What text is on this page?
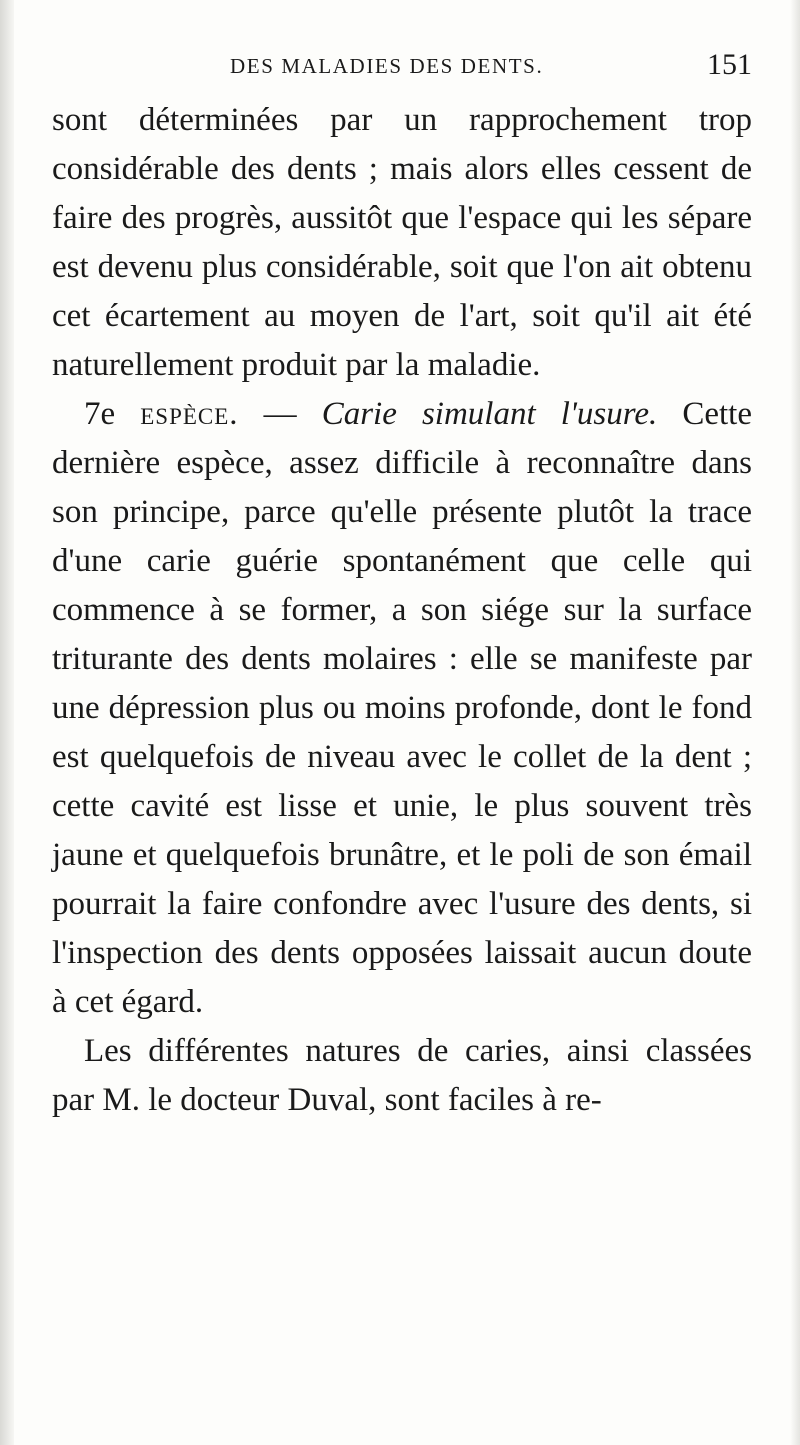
DES MALADIES DES DENTS.	151

sont déterminées par un rapprochement trop considérable des dents ; mais alors elles cessent de faire des progrès, aussitôt que l'espace qui les sépare est devenu plus considérable, soit que l'on ait obtenu cet écartement au moyen de l'art, soit qu'il ait été naturellement produit par la maladie.

7e espèce. — Carie simulant l'usure. Cette dernière espèce, assez difficile à reconnaître dans son principe, parce qu'elle présente plutôt la trace d'une carie guérie spontanément que celle qui commence à se former, a son siége sur la surface triturante des dents molaires : elle se manifeste par une dépression plus ou moins profonde, dont le fond est quelquefois de niveau avec le collet de la dent ; cette cavité est lisse et unie, le plus souvent très jaune et quelquefois brunâtre, et le poli de son émail pourrait la faire confondre avec l'usure des dents, si l'inspection des dents opposées laissait aucun doute à cet égard.

Les différentes natures de caries, ainsi classées par M. le docteur Duval, sont faciles à re-
